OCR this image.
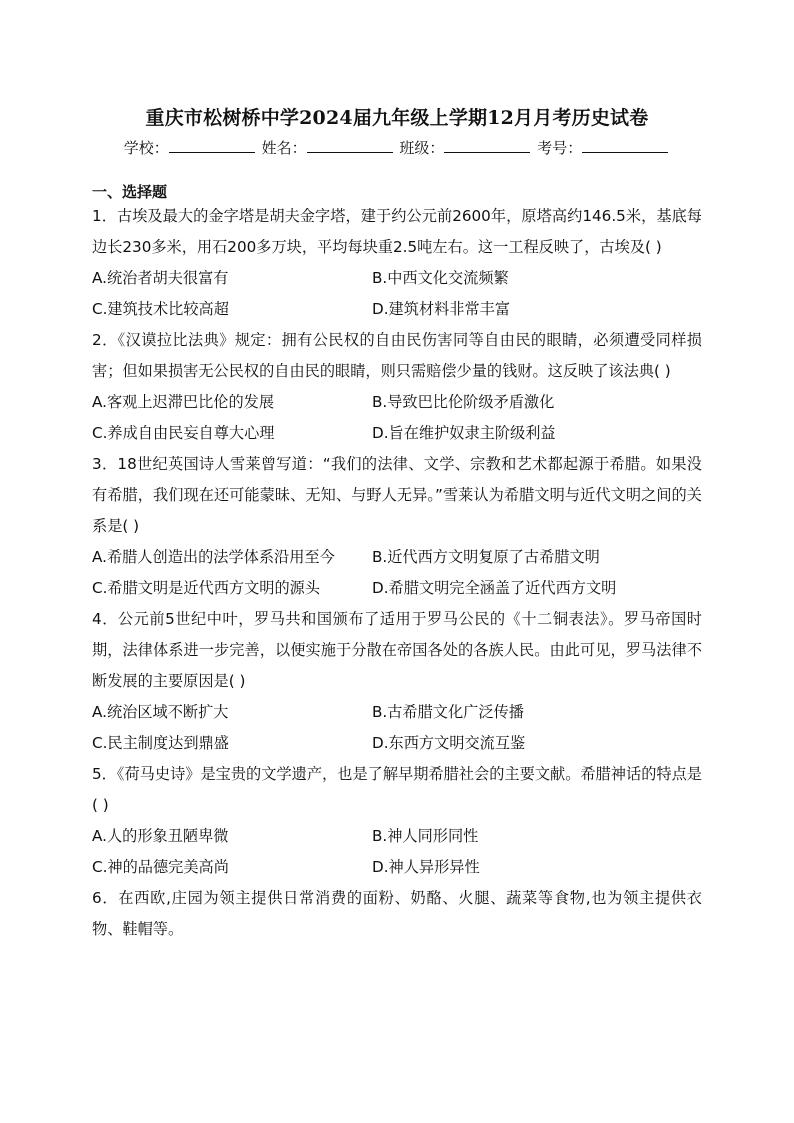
重庆市松树桥中学2024届九年级上学期12月月考历史试卷
学校：	姓名：	班级：	考号：
一、选择题

1．古埃及最大的金字塔是胡夫金字塔，建于约公元前2600年，原塔高约146.5米，基底每边长230多米，用石200多万块，平均每块重2.5吨左右。这一工程反映了，古埃及( )

A.统治者胡夫很富有	B.中西文化交流频繁
C.建筑技术比较高超	D.建筑材料非常丰富

2．《汉谟拉比法典》规定：拥有公民权的自由民伤害同等自由民的眼睛，必须遭受同样损害；但如果损害无公民权的自由民的眼睛，则只需赔偿少量的钱财。这反映了该法典( )

A.客观上迟滞巴比伦的发展	B.导致巴比伦阶级矛盾激化
C.养成自由民妄自尊大心理	D.旨在维护奴隶主阶级利益

3．18世纪英国诗人雪莱曾写道：“我们的法律、文学、宗教和艺术都起源于希腊。如果没有希腊，我们现在还可能蒙昧、无知、与野人无异。”雪莱认为希腊文明与近代文明之间的关系是( )

A.希腊人创造出的法学体系沿用至今	B.近代西方文明复原了古希腊文明
C.希腊文明是近代西方文明的源头	D.希腊文明完全涵盖了近代西方文明

4．公元前5世纪中叶，罗马共和国颁布了适用于罗马公民的《十二铜表法》。罗马帝国时期，法律体系进一步完善，以便实施于分散在帝国各处的各族人民。由此可见，罗马法律不断发展的主要原因是( )

A.统治区域不断扩大	B.古希腊文化广泛传播
C.民主制度达到鼎盛	D.东西方文明交流互鉴

5．《荷马史诗》是宝贵的文学遗产，也是了解早期希腊社会的主要文献。希腊神话的特点是( )

A.人的形象丑陋卑微	B.神人同形同性
C.神的品德完美高尚	D.神人异形异性

6．在西欧,庄园为领主提供日常消费的面粉、奶酪、火腿、蔬菜等食物,也为领主提供衣物、鞋帽等。
